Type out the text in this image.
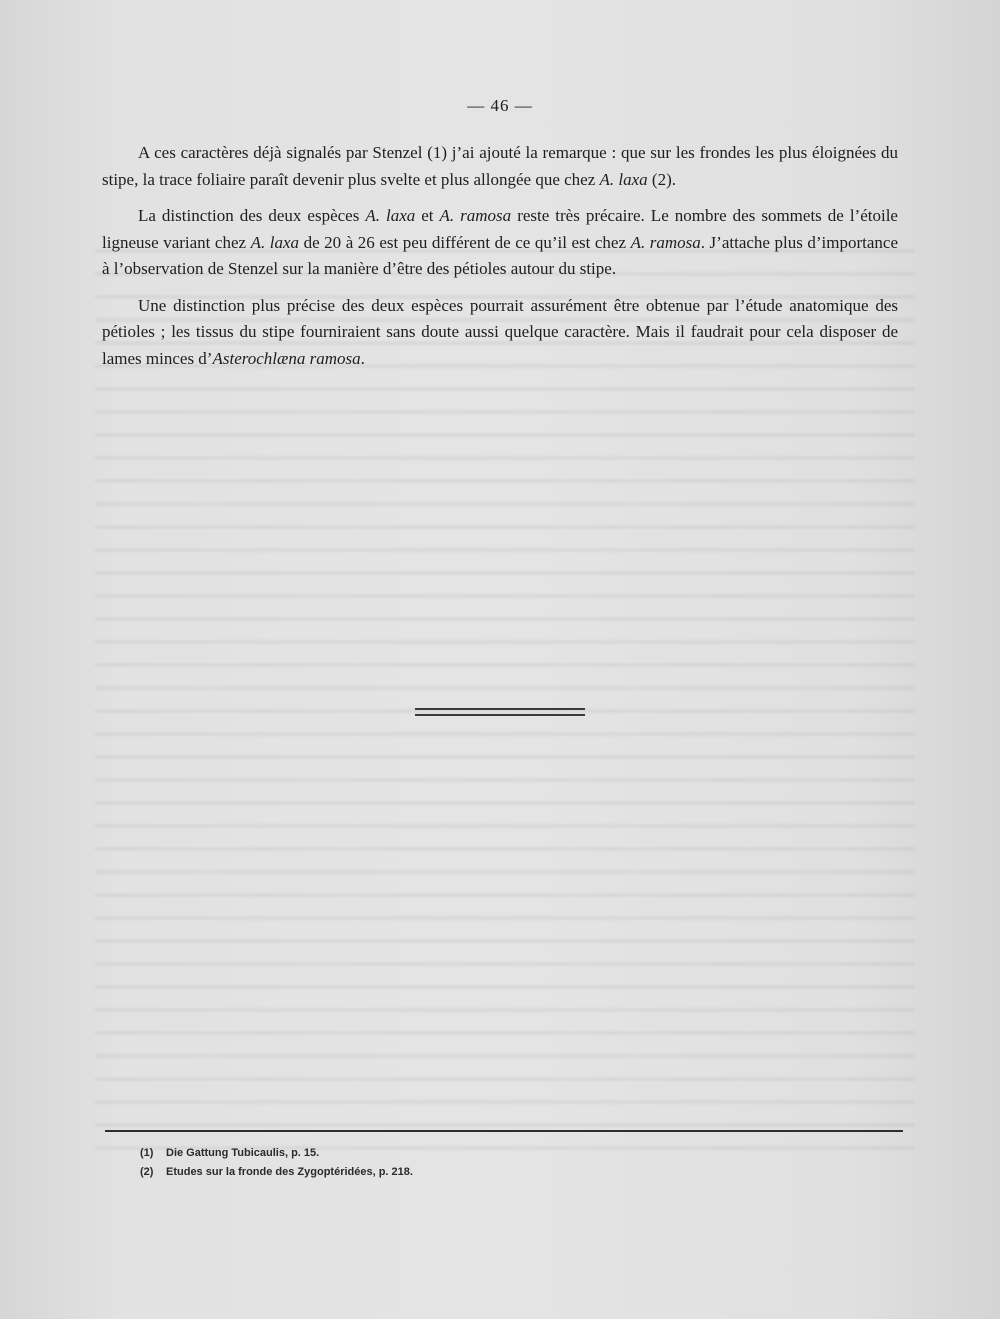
— 46 —

A ces caractères déjà signalés par Stenzel (1) j’ai ajouté la remarque : que sur les frondes les plus éloignées du stipe, la trace foliaire paraît devenir plus svelte et plus allongée que chez A. laxa (2).

La distinction des deux espèces A. laxa et A. ramosa reste très précaire. Le nombre des sommets de l’étoile ligneuse variant chez A. laxa de 20 à 26 est peu différent de ce qu’il est chez A. ramosa. J’attache plus d’importance à l’observation de Stenzel sur la manière d’être des pétioles autour du stipe.

Une distinction plus précise des deux espèces pourrait assurément être obtenue par l’étude anatomique des pétioles ; les tissus du stipe fourniraient sans doute aussi quelque caractère. Mais il faudrait pour cela disposer de lames minces d’Asterochlæna ramosa.

(1) Die Gattung Tubicaulis, p. 15.
(2) Etudes sur la fronde des Zygoptéridées, p. 218.
